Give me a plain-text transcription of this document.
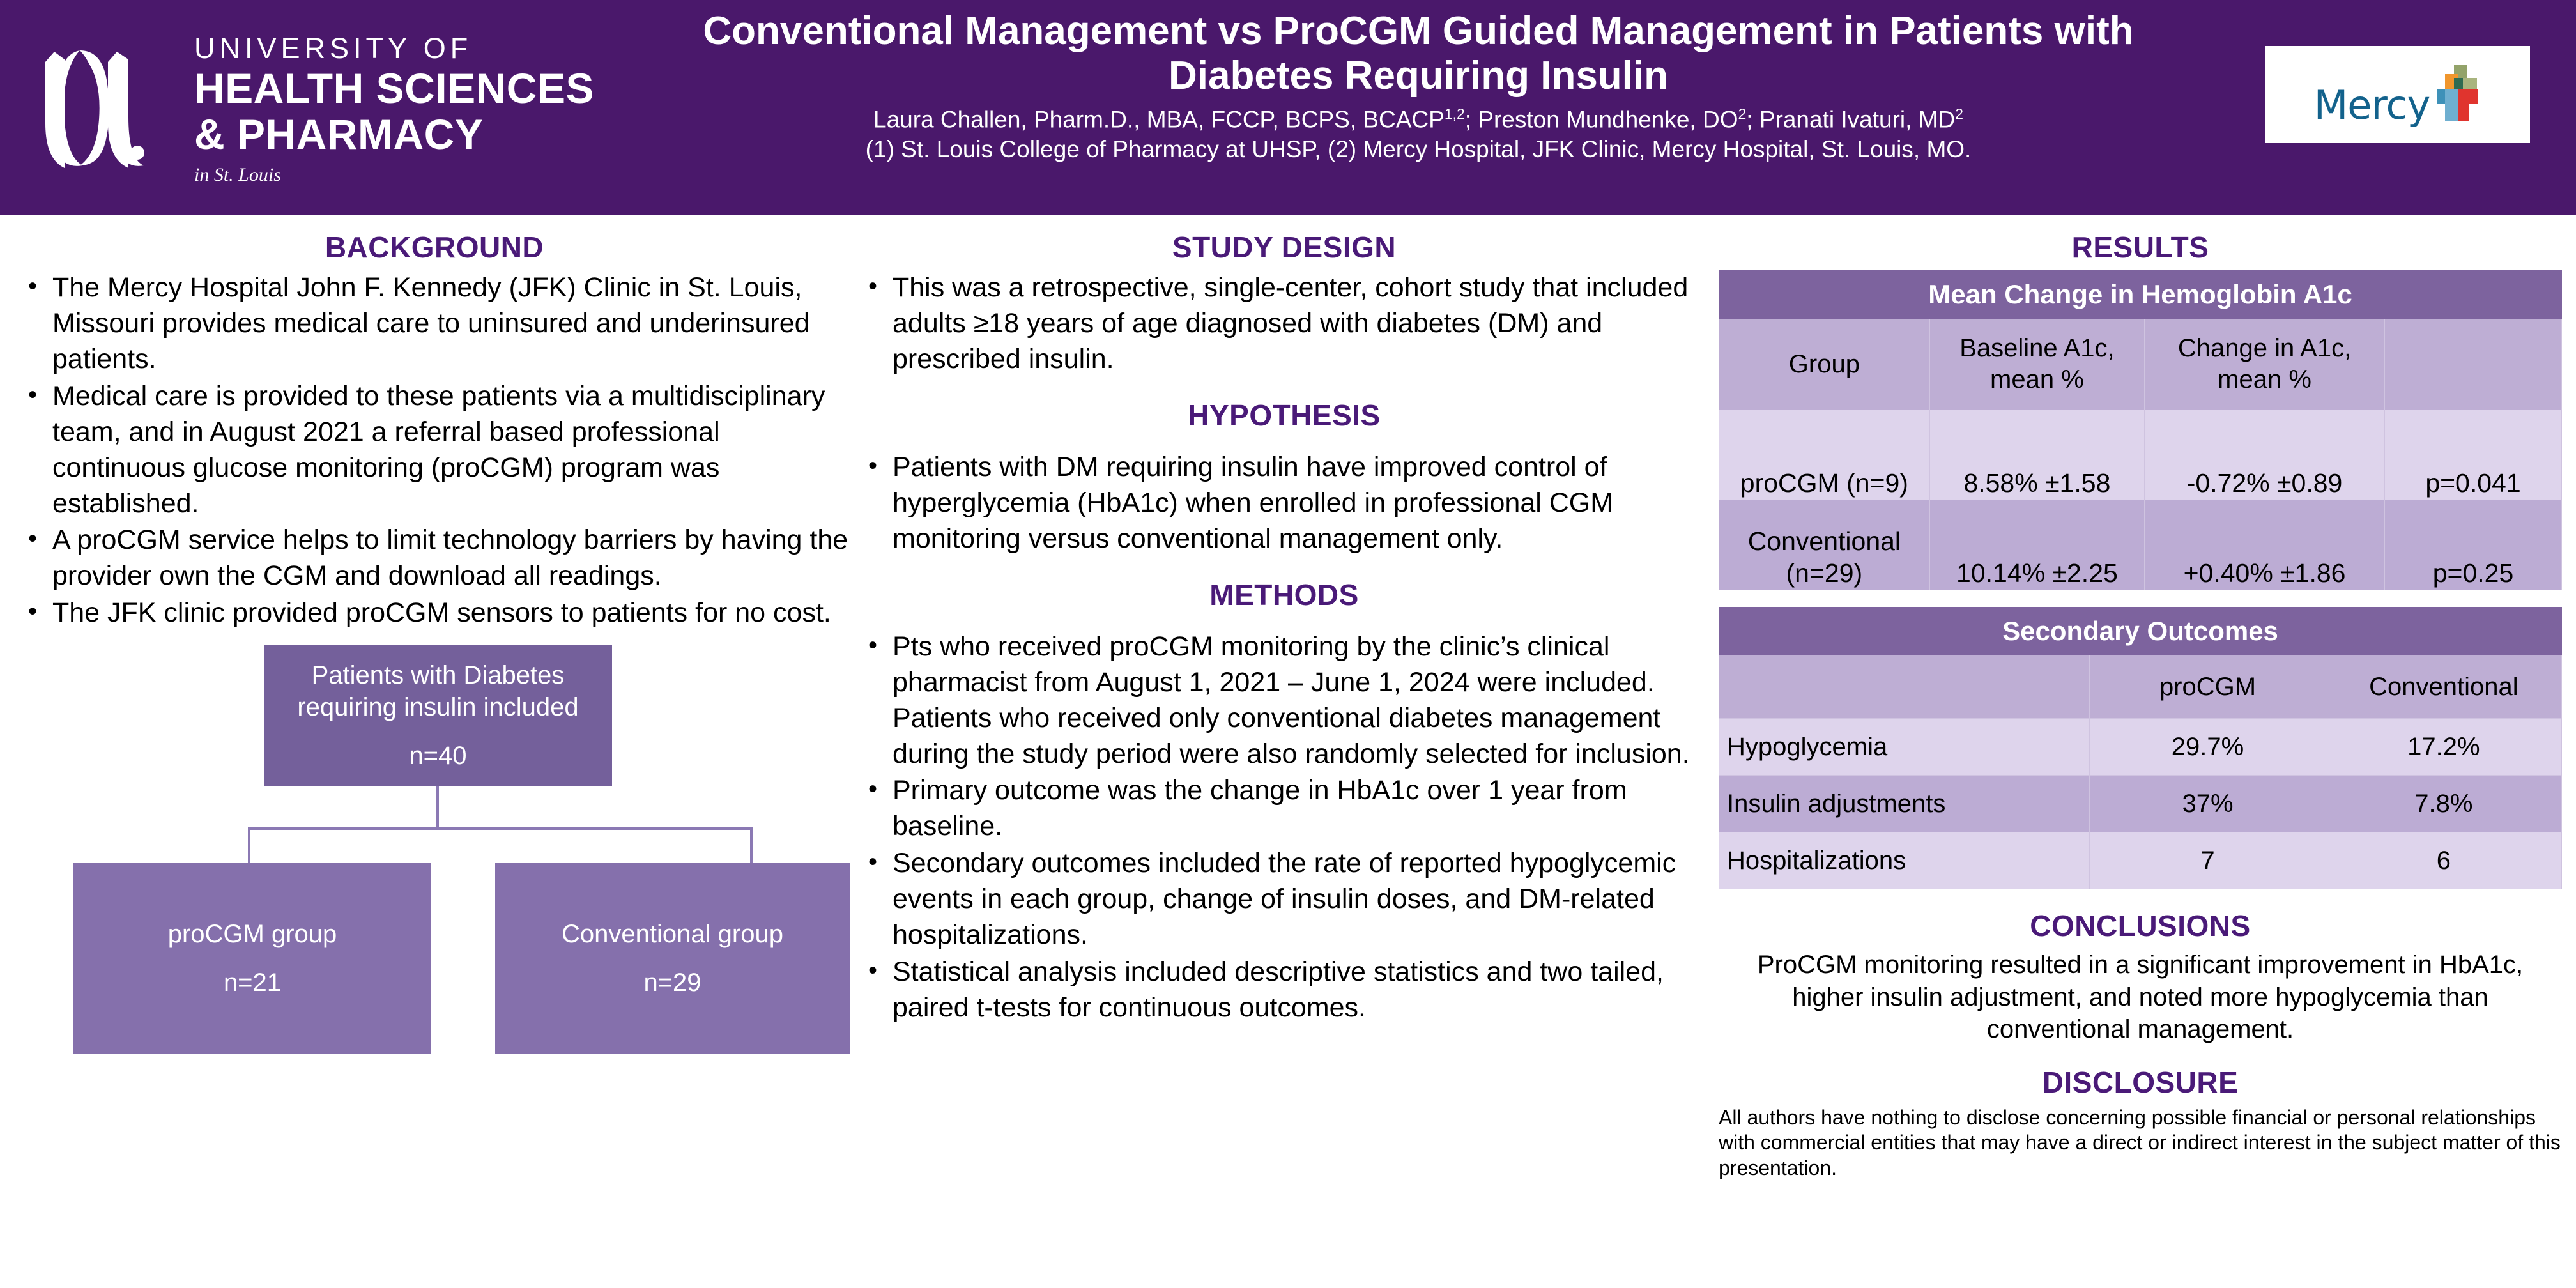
UNIVERSITY OF
HEALTH SCIENCES
& PHARMACY
in St. Louis
Conventional Management vs ProCGM Guided Management in Patients with Diabetes Requiring Insulin

Laura Challen, Pharm.D., MBA, FCCP, BCPS, BCACP$^{1,2}$; Preston Mundhenke, $DO^2$; Pranati Ivaturi, $MD^2$

(1) St. Louis College of Pharmacy at UHSP, (2) Mercy Hospital, JFK Clinic, Mercy Hospital, St. Louis, MO.

Mercy
BACKGROUND
• The Mercy Hospital John F. Kennedy (JFK) Clinic in St. Louis, Missouri provides medical care to uninsured and underinsured patients.
• Medical care is provided to these patients via a multidisciplinary team, and in August 2021 a referral based professional continuous glucose monitoring (proCGM) program was established.
• A proCGM service helps to limit technology barriers by having the provider own the CGM and download all readings.
• The JFK clinic provided proCGM sensors to patients for no cost.
Patients with Diabetes requiring insulin included
n=40
proCGM group
n=21
Conventional group
n=29
STUDY DESIGN
• This was a retrospective, single-center, cohort study that included adults ≥18 years of age diagnosed with diabetes (DM) and prescribed insulin.
HYPOTHESIS
• Patients with DM requiring insulin have improved control of hyperglycemia (HbA1c) when enrolled in professional CGM monitoring versus conventional management only.
METHODS
• Pts who received proCGM monitoring by the clinic’s clinical pharmacist from August 1, 2021 – June 1, 2024 were included. Patients who received only conventional diabetes management during the study period were also randomly selected for inclusion.
• Primary outcome was the change in HbA1c over 1 year from baseline.
• Secondary outcomes included the rate of reported hypoglycemic events in each group, change of insulin doses, and DM-related hospitalizations.
• Statistical analysis included descriptive statistics and two tailed, paired t-tests for continuous outcomes.
RESULTS
Mean Change in Hemoglobin A1c			
Group	Baseline A1c, mean %	Change in A1c, mean %	
proCGM (n=9)	8.58% ±1.58	-0.72% ±0.89	p=0.041
Conventional (n=29)	10.14% ±2.25	+0.40% ±1.86	p=0.25
Secondary Outcomes		
	proCGM	Conventional
Hypoglycemia	29.7%	17.2%
Insulin adjustments	37%	7.8%
Hospitalizations	7	6
CONCLUSIONS

ProCGM monitoring resulted in a significant improvement in HbA1c, higher insulin adjustment, and noted more hypoglycemia than conventional management.

DISCLOSURE

All authors have nothing to disclose concerning possible financial or personal relationships with commercial entities that may have a direct or indirect interest in the subject matter of this presentation.
